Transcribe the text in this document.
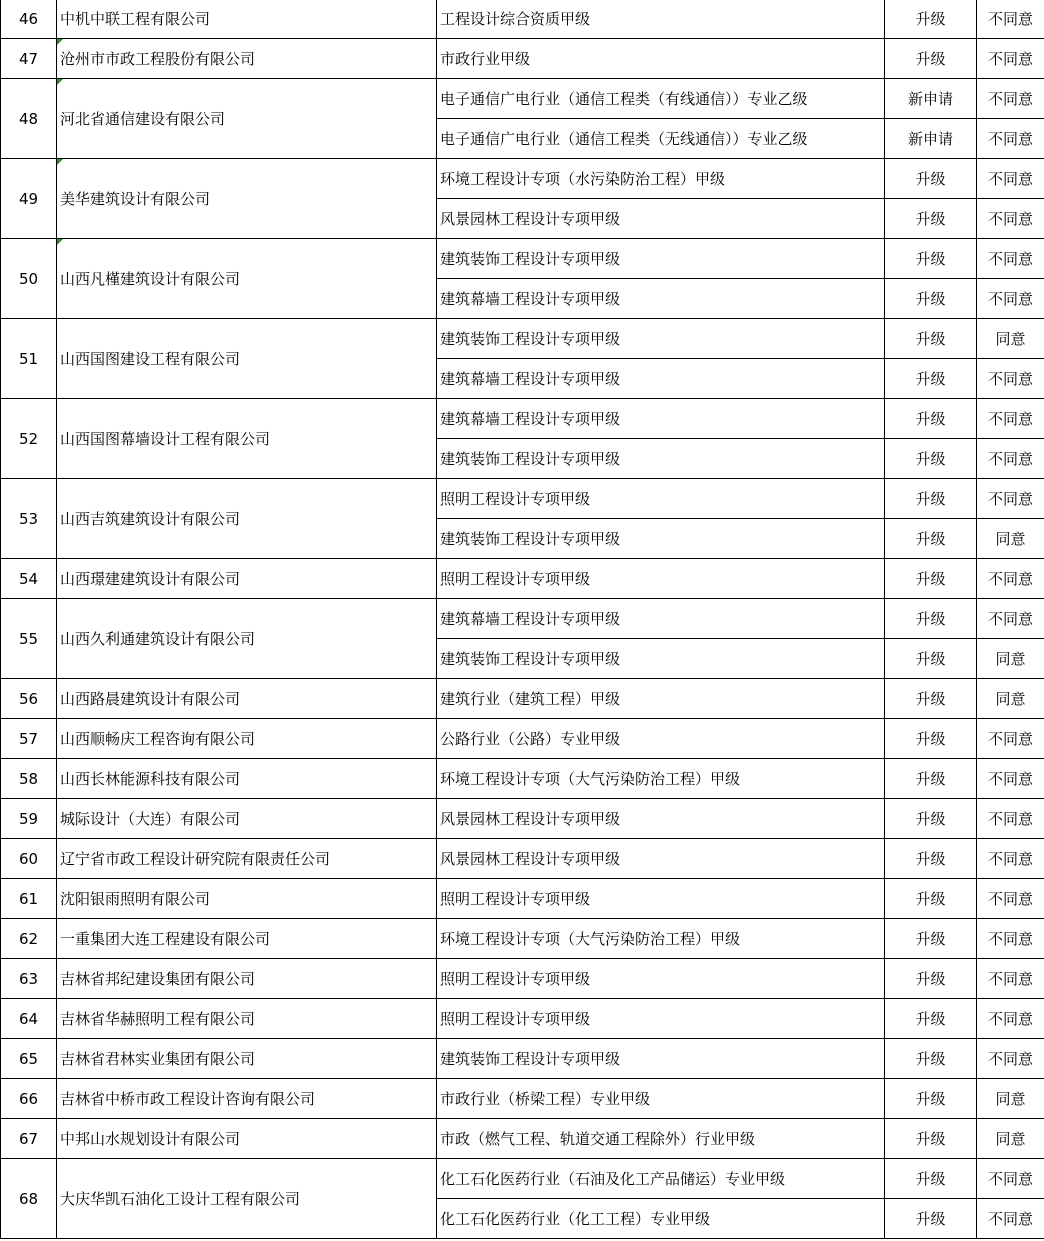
46	中机中联工程有限公司	工程设计综合资质甲级	升级	不同意
47	沧州市市政工程股份有限公司	市政行业甲级	升级	不同意
48	河北省通信建设有限公司	电子通信广电行业（通信工程类（有线通信））专业乙级	新申请	不同意
		电子通信广电行业（通信工程类（无线通信））专业乙级	新申请	不同意
49	美华建筑设计有限公司	环境工程设计专项（水污染防治工程）甲级	升级	不同意
		风景园林工程设计专项甲级	升级	不同意
50	山西凡槿建筑设计有限公司	建筑装饰工程设计专项甲级	升级	不同意
		建筑幕墙工程设计专项甲级	升级	不同意
51	山西国图建设工程有限公司	建筑装饰工程设计专项甲级	升级	同意
		建筑幕墙工程设计专项甲级	升级	不同意
52	山西国图幕墙设计工程有限公司	建筑幕墙工程设计专项甲级	升级	不同意
		建筑装饰工程设计专项甲级	升级	不同意
53	山西吉筑建筑设计有限公司	照明工程设计专项甲级	升级	不同意
		建筑装饰工程设计专项甲级	升级	同意
54	山西璟建建筑设计有限公司	照明工程设计专项甲级	升级	不同意
55	山西久利通建筑设计有限公司	建筑幕墙工程设计专项甲级	升级	不同意
		建筑装饰工程设计专项甲级	升级	同意
56	山西路晨建筑设计有限公司	建筑行业（建筑工程）甲级	升级	同意
57	山西顺畅庆工程咨询有限公司	公路行业（公路）专业甲级	升级	不同意
58	山西长林能源科技有限公司	环境工程设计专项（大气污染防治工程）甲级	升级	不同意
59	城际设计（大连）有限公司	风景园林工程设计专项甲级	升级	不同意
60	辽宁省市政工程设计研究院有限责任公司	风景园林工程设计专项甲级	升级	不同意
61	沈阳银雨照明有限公司	照明工程设计专项甲级	升级	不同意
62	一重集团大连工程建设有限公司	环境工程设计专项（大气污染防治工程）甲级	升级	不同意
63	吉林省邦纪建设集团有限公司	照明工程设计专项甲级	升级	不同意
64	吉林省华赫照明工程有限公司	照明工程设计专项甲级	升级	不同意
65	吉林省君林实业集团有限公司	建筑装饰工程设计专项甲级	升级	不同意
66	吉林省中桥市政工程设计咨询有限公司	市政行业（桥梁工程）专业甲级	升级	同意
67	中邦山水规划设计有限公司	市政（燃气工程、轨道交通工程除外）行业甲级	升级	同意
68	大庆华凯石油化工设计工程有限公司	化工石化医药行业（石油及化工产品储运）专业甲级	升级	不同意
		化工石化医药行业（化工工程）专业甲级	升级	不同意
